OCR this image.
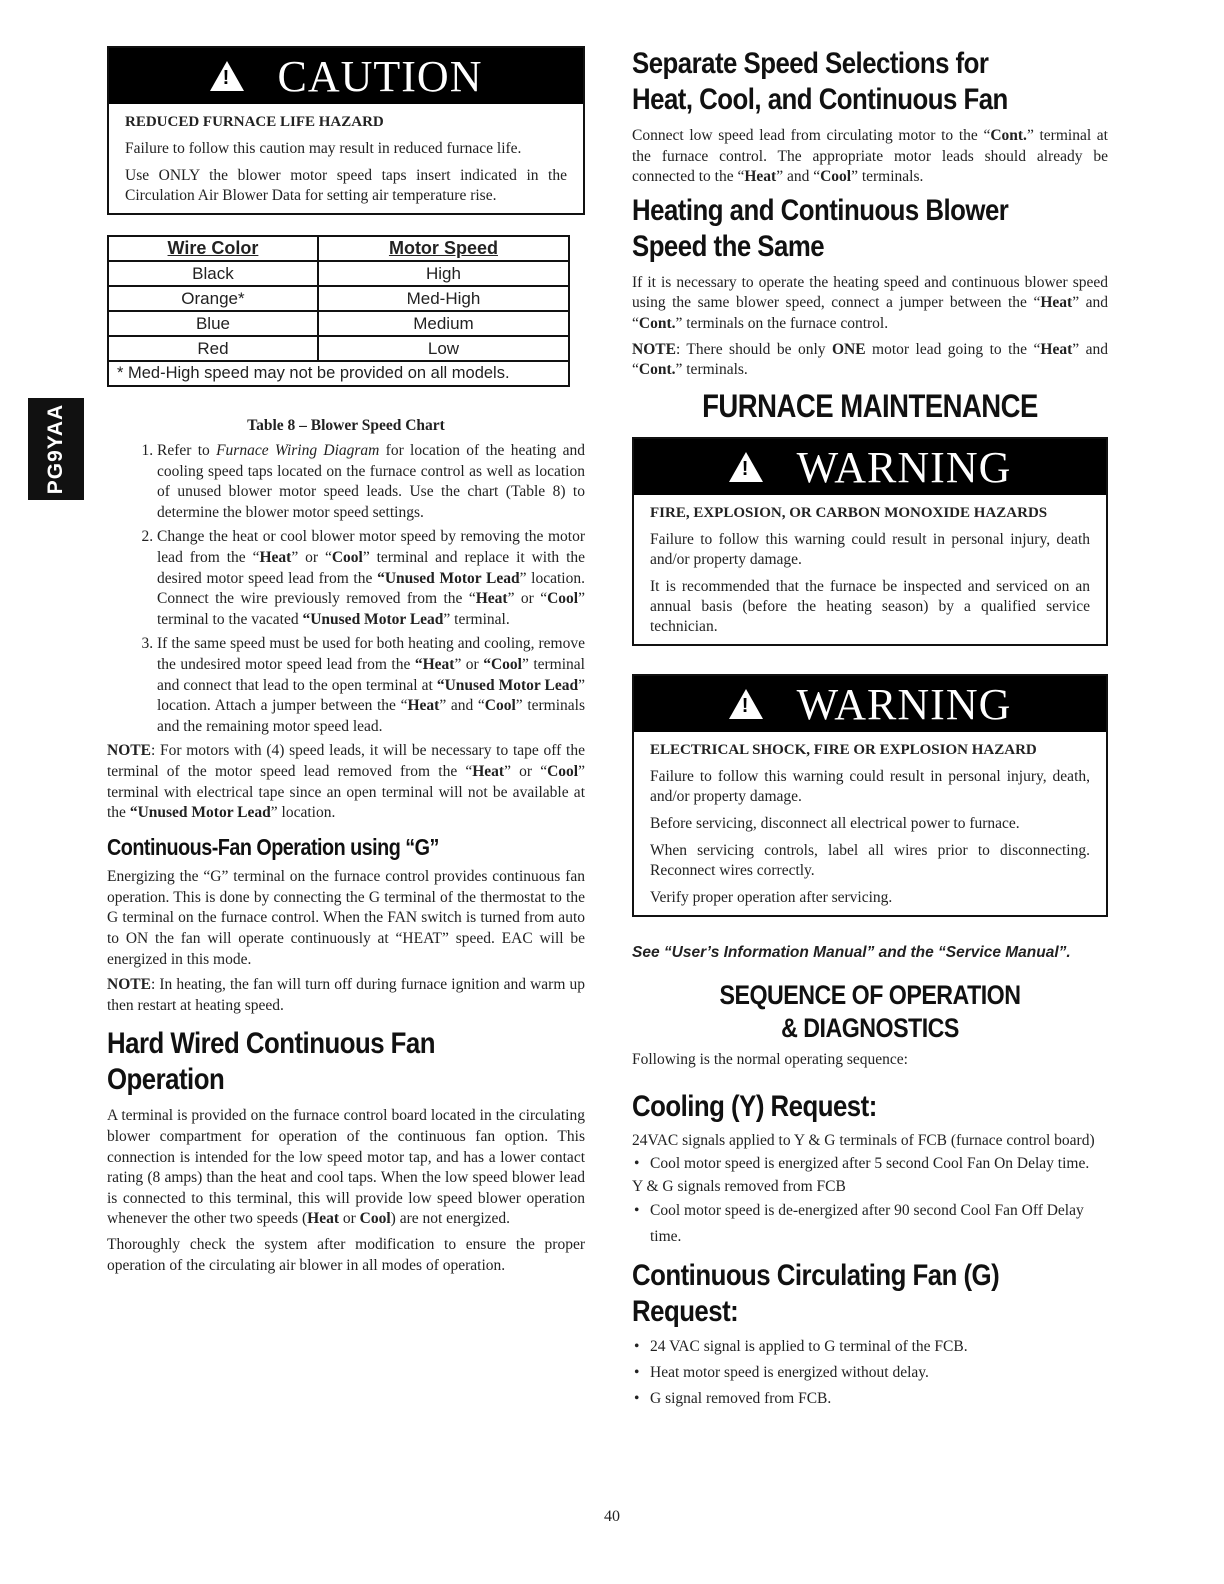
PG9YAA
!
CAUTION

REDUCED FURNACE LIFE HAZARD

Failure to follow this caution may result in reduced furnace life.

Use ONLY the blower motor speed taps insert indicated in the Circulation Air Blower Data for setting air temperature rise.

Wire Color	Motor Speed
Black	High
Orange*	Med-High
Blue	Medium
Red	Low
* Med-High speed may not be provided on all models.	
Table 8 – Blower Speed Chart
1. Refer to Furnace Wiring Diagram for location of the heating and cooling speed taps located on the furnace control as well as location of unused blower motor speed leads. Use the chart (Table 8) to determine the blower motor speed settings.
2. Change the heat or cool blower motor speed by removing the motor lead from the “Heat” or “Cool” terminal and replace it with the desired motor speed lead from the “Unused Motor Lead” location. Connect the wire previously removed from the “Heat” or “Cool” terminal to the vacated “Unused Motor Lead” terminal.
3. If the same speed must be used for both heating and cooling, remove the undesired motor speed lead from the “Heat” or “Cool” terminal and connect that lead to the open terminal at “Unused Motor Lead” location. Attach a jumper between the “Heat” and “Cool” terminals and the remaining motor speed lead.

NOTE: For motors with (4) speed leads, it will be necessary to tape off the terminal of the motor speed lead removed from the “Heat” or “Cool” terminal with electrical tape since an open terminal will not be available at the “Unused Motor Lead” location.

Continuous-Fan Operation using “G”

Energizing the “G” terminal on the furnace control provides continuous fan operation. This is done by connecting the G terminal of the thermostat to the G terminal on the furnace control. When the FAN switch is turned from auto to ON the fan will operate continuously at “HEAT” speed. EAC will be energized in this mode.

NOTE: In heating, the fan will turn off during furnace ignition and warm up then restart at heating speed.

Hard Wired Continuous Fan Operation

A terminal is provided on the furnace control board located in the circulating blower compartment for operation of the continuous fan option. This connection is intended for the low speed motor tap, and has a lower contact rating (8 amps) than the heat and cool taps. When the low speed blower lead is connected to this terminal, this will provide low speed blower operation whenever the other two speeds (Heat or Cool) are not energized.

Thoroughly check the system after modification to ensure the proper operation of the circulating air blower in all modes of operation.

Separate Speed Selections for Heat, Cool, and Continuous Fan

Connect low speed lead from circulating motor to the “Cont.” terminal at the furnace control. The appropriate motor leads should already be connected to the “Heat” and “Cool” terminals.

Heating and Continuous Blower Speed the Same

If it is necessary to operate the heating speed and continuous blower speed using the same blower speed, connect a jumper between the “Heat” and “Cont.” terminals on the furnace control.

NOTE: There should be only ONE motor lead going to the “Heat” and “Cont.” terminals.

FURNACE MAINTENANCE
!
WARNING

FIRE, EXPLOSION, OR CARBON MONOXIDE HAZARDS

Failure to follow this warning could result in personal injury, death and/or property damage.

It is recommended that the furnace be inspected and serviced on an annual basis (before the heating season) by a qualified service technician.

!
WARNING

ELECTRICAL SHOCK, FIRE OR EXPLOSION HAZARD

Failure to follow this warning could result in personal injury, death, and/or property damage.

Before servicing, disconnect all electrical power to furnace.

When servicing controls, label all wires prior to disconnecting. Reconnect wires correctly.

Verify proper operation after servicing.

See “User’s Information Manual” and the “Service Manual”.
SEQUENCE OF OPERATION
& DIAGNOSTICS

Following is the normal operating sequence:

Cooling (Y) Request:

24VAC signals applied to Y & G terminals of FCB (furnace control board)

• Cool motor speed is energized after 5 second Cool Fan On Delay time.

Y & G signals removed from FCB

• Cool motor speed is de-energized after 90 second Cool Fan Off Delay time.
Continuous Circulating Fan (G) Request:
• 24 VAC signal is applied to G terminal of the FCB.
• Heat motor speed is energized without delay.
• G signal removed from FCB.
40
